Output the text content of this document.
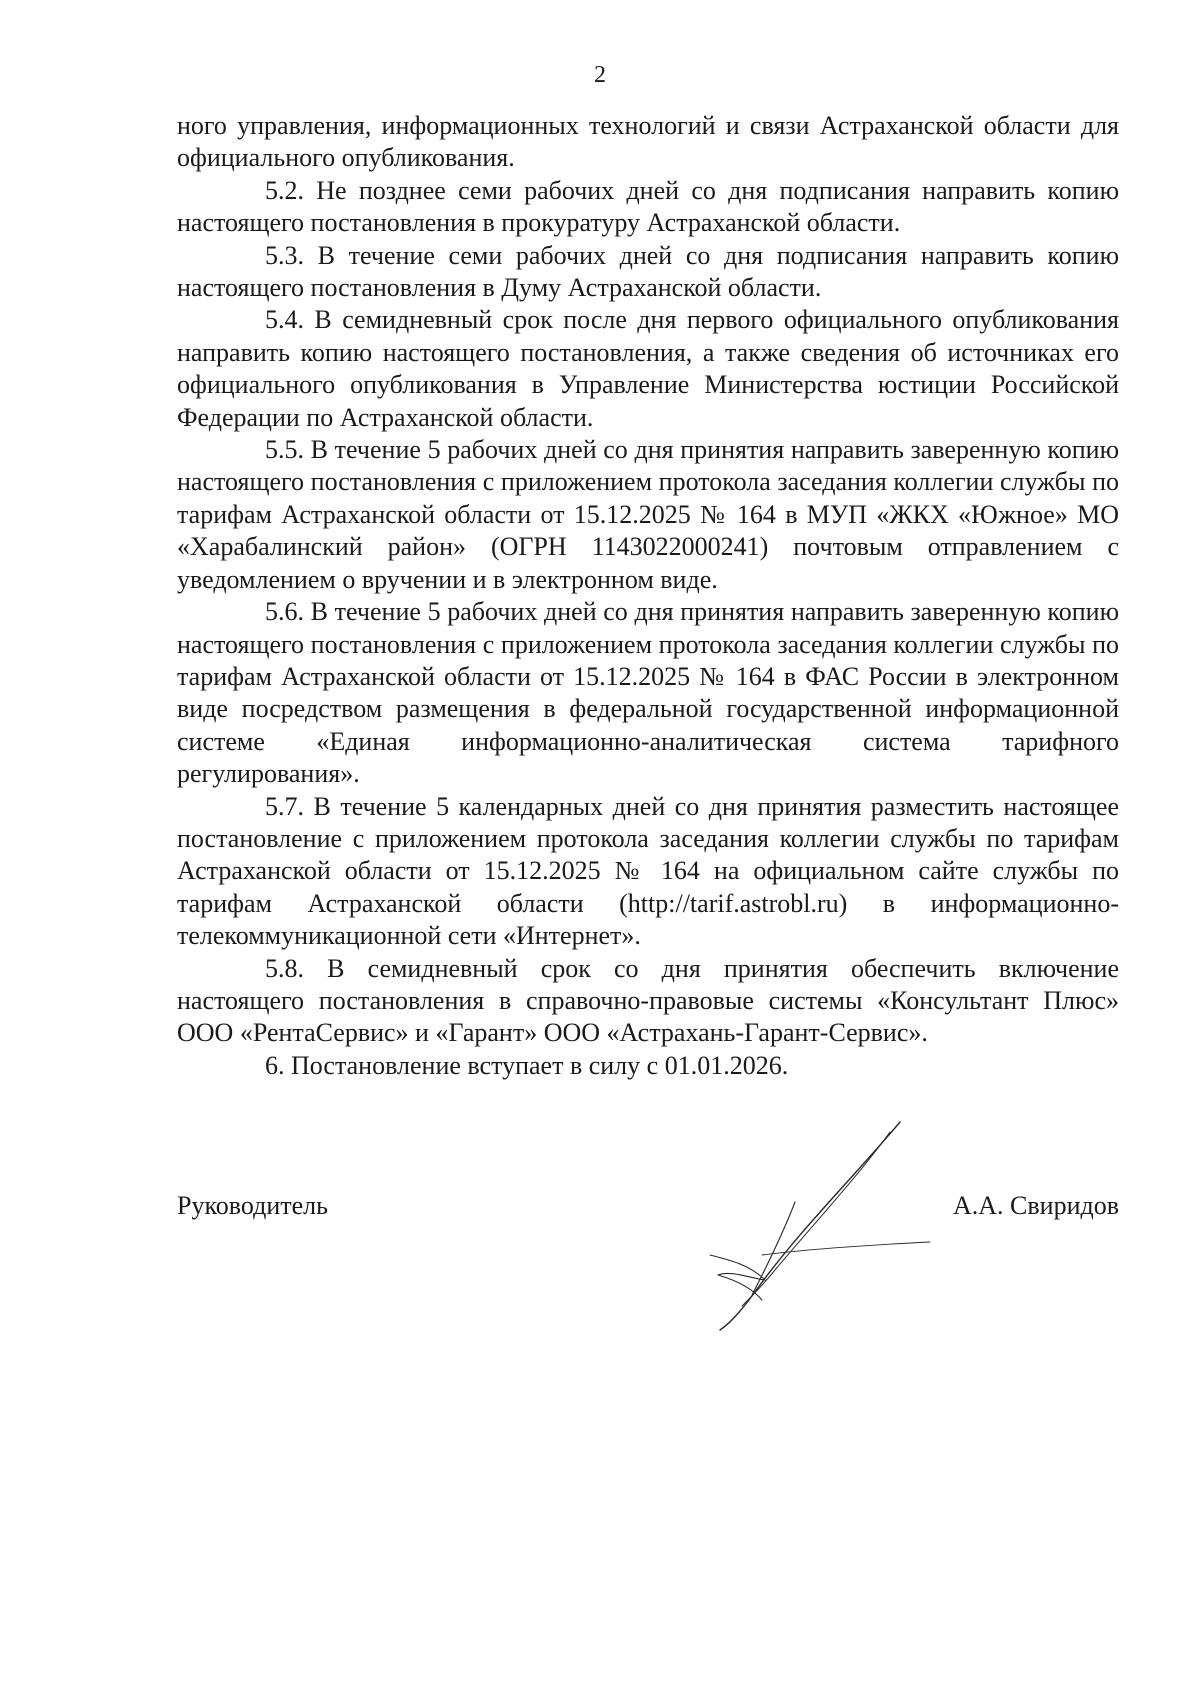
2

ного управления, информационных технологий и связи Астраханской области для официального опубликования.

5.2. Не позднее семи рабочих дней со дня подписания направить копию настоящего постановления в прокуратуру Астраханской области.

5.3. В течение семи рабочих дней со дня подписания направить копию настоящего постановления в Думу Астраханской области.

5.4. В семидневный срок после дня первого официального опубликования направить копию настоящего постановления, а также сведения об источниках его официального опубликования в Управление Министерства юстиции Российской Федерации по Астраханской области.

5.5. В течение 5 рабочих дней со дня принятия направить заверенную копию настоящего постановления с приложением протокола заседания коллегии службы по тарифам Астраханской области от 15.12.2025 № 164 в МУП «ЖКХ «Южное» МО «Харабалинский район» (ОГРН 1143022000241) почтовым отправлением с уведомлением о вручении и в электронном виде.

5.6. В течение 5 рабочих дней со дня принятия направить заверенную копию настоящего постановления с приложением протокола заседания коллегии службы по тарифам Астраханской области от 15.12.2025 № 164 в ФАС России в электронном виде посредством размещения в федеральной государственной информационной системе «Единая информационно-аналитическая система тарифного регулирования».

5.7. В течение 5 календарных дней со дня принятия разместить настоящее постановление с приложением протокола заседания коллегии службы по тарифам Астраханской области от 15.12.2025 № 164 на официальном сайте службы по тарифам Астраханской области (http://tarif.astrobl.ru) в информационно-телекоммуникационной сети «Интернет».

5.8. В семидневный срок со дня принятия обеспечить включение настоящего постановления в справочно-правовые системы «Консультант Плюс» ООО «РентаСервис» и «Гарант» ООО «Астрахань-Гарант-Сервис».

6. Постановление вступает в силу с 01.01.2026.

Руководитель	А.А. Свиридов
